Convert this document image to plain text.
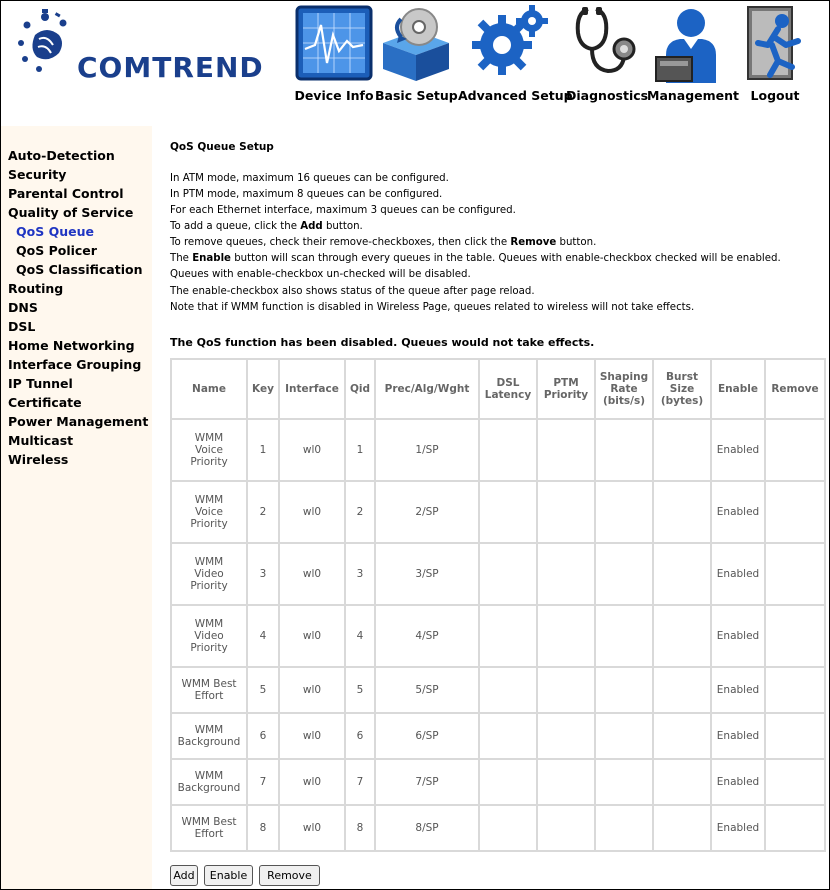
COMTREND
Device Info Basic Setup Advanced Setup
Diagnostics
Management Logout
Auto-Detection
Security
Parental Control
Quality of Service
QoS Queue
QoS Policer
QoS Classification
Routing
DNS
DSL
Home Networking
Interface Grouping
IP Tunnel
Certificate
Power Management
Multicast
Wireless
QoS Queue Setup
In ATM mode, maximum 16 queues can be configured.
In PTM mode, maximum 8 queues can be configured.
For each Ethernet interface, maximum 3 queues can be configured.
To add a queue, click the Add button.
To remove queues, check their remove-checkboxes, then click the Remove button.
The Enable button will scan through every queues in the table. Queues with enable-checkbox checked will be enabled.
Queues with enable-checkbox un-checked will be disabled.
The enable-checkbox also shows status of the queue after page reload.
Note that if WMM function is disabled in Wireless Page, queues related to wireless will not take effects.
The QoS function has been disabled. Queues would not take effects.
Name	Key	Interface	Qid	Prec/Alg/Wght	DSL
Latency	PTM
Priority	Shaping
Rate
(bits/s)	Burst
Size
(bytes)	Enable	Remove
WMM
Voice
Priority	1	wl0	1	1/SP					Enabled	
WMM
Voice
Priority	2	wl0	2	2/SP					Enabled	
WMM
Video
Priority	3	wl0	3	3/SP					Enabled	
WMM
Video
Priority	4	wl0	4	4/SP					Enabled	
WMM Best
Effort	5	wl0	5	5/SP					Enabled	
WMM
Background	6	wl0	6	6/SP					Enabled	
WMM
Background	7	wl0	7	7/SP					Enabled	
WMM Best
Effort	8	wl0	8	8/SP					Enabled	
Add	Enable	Remove
